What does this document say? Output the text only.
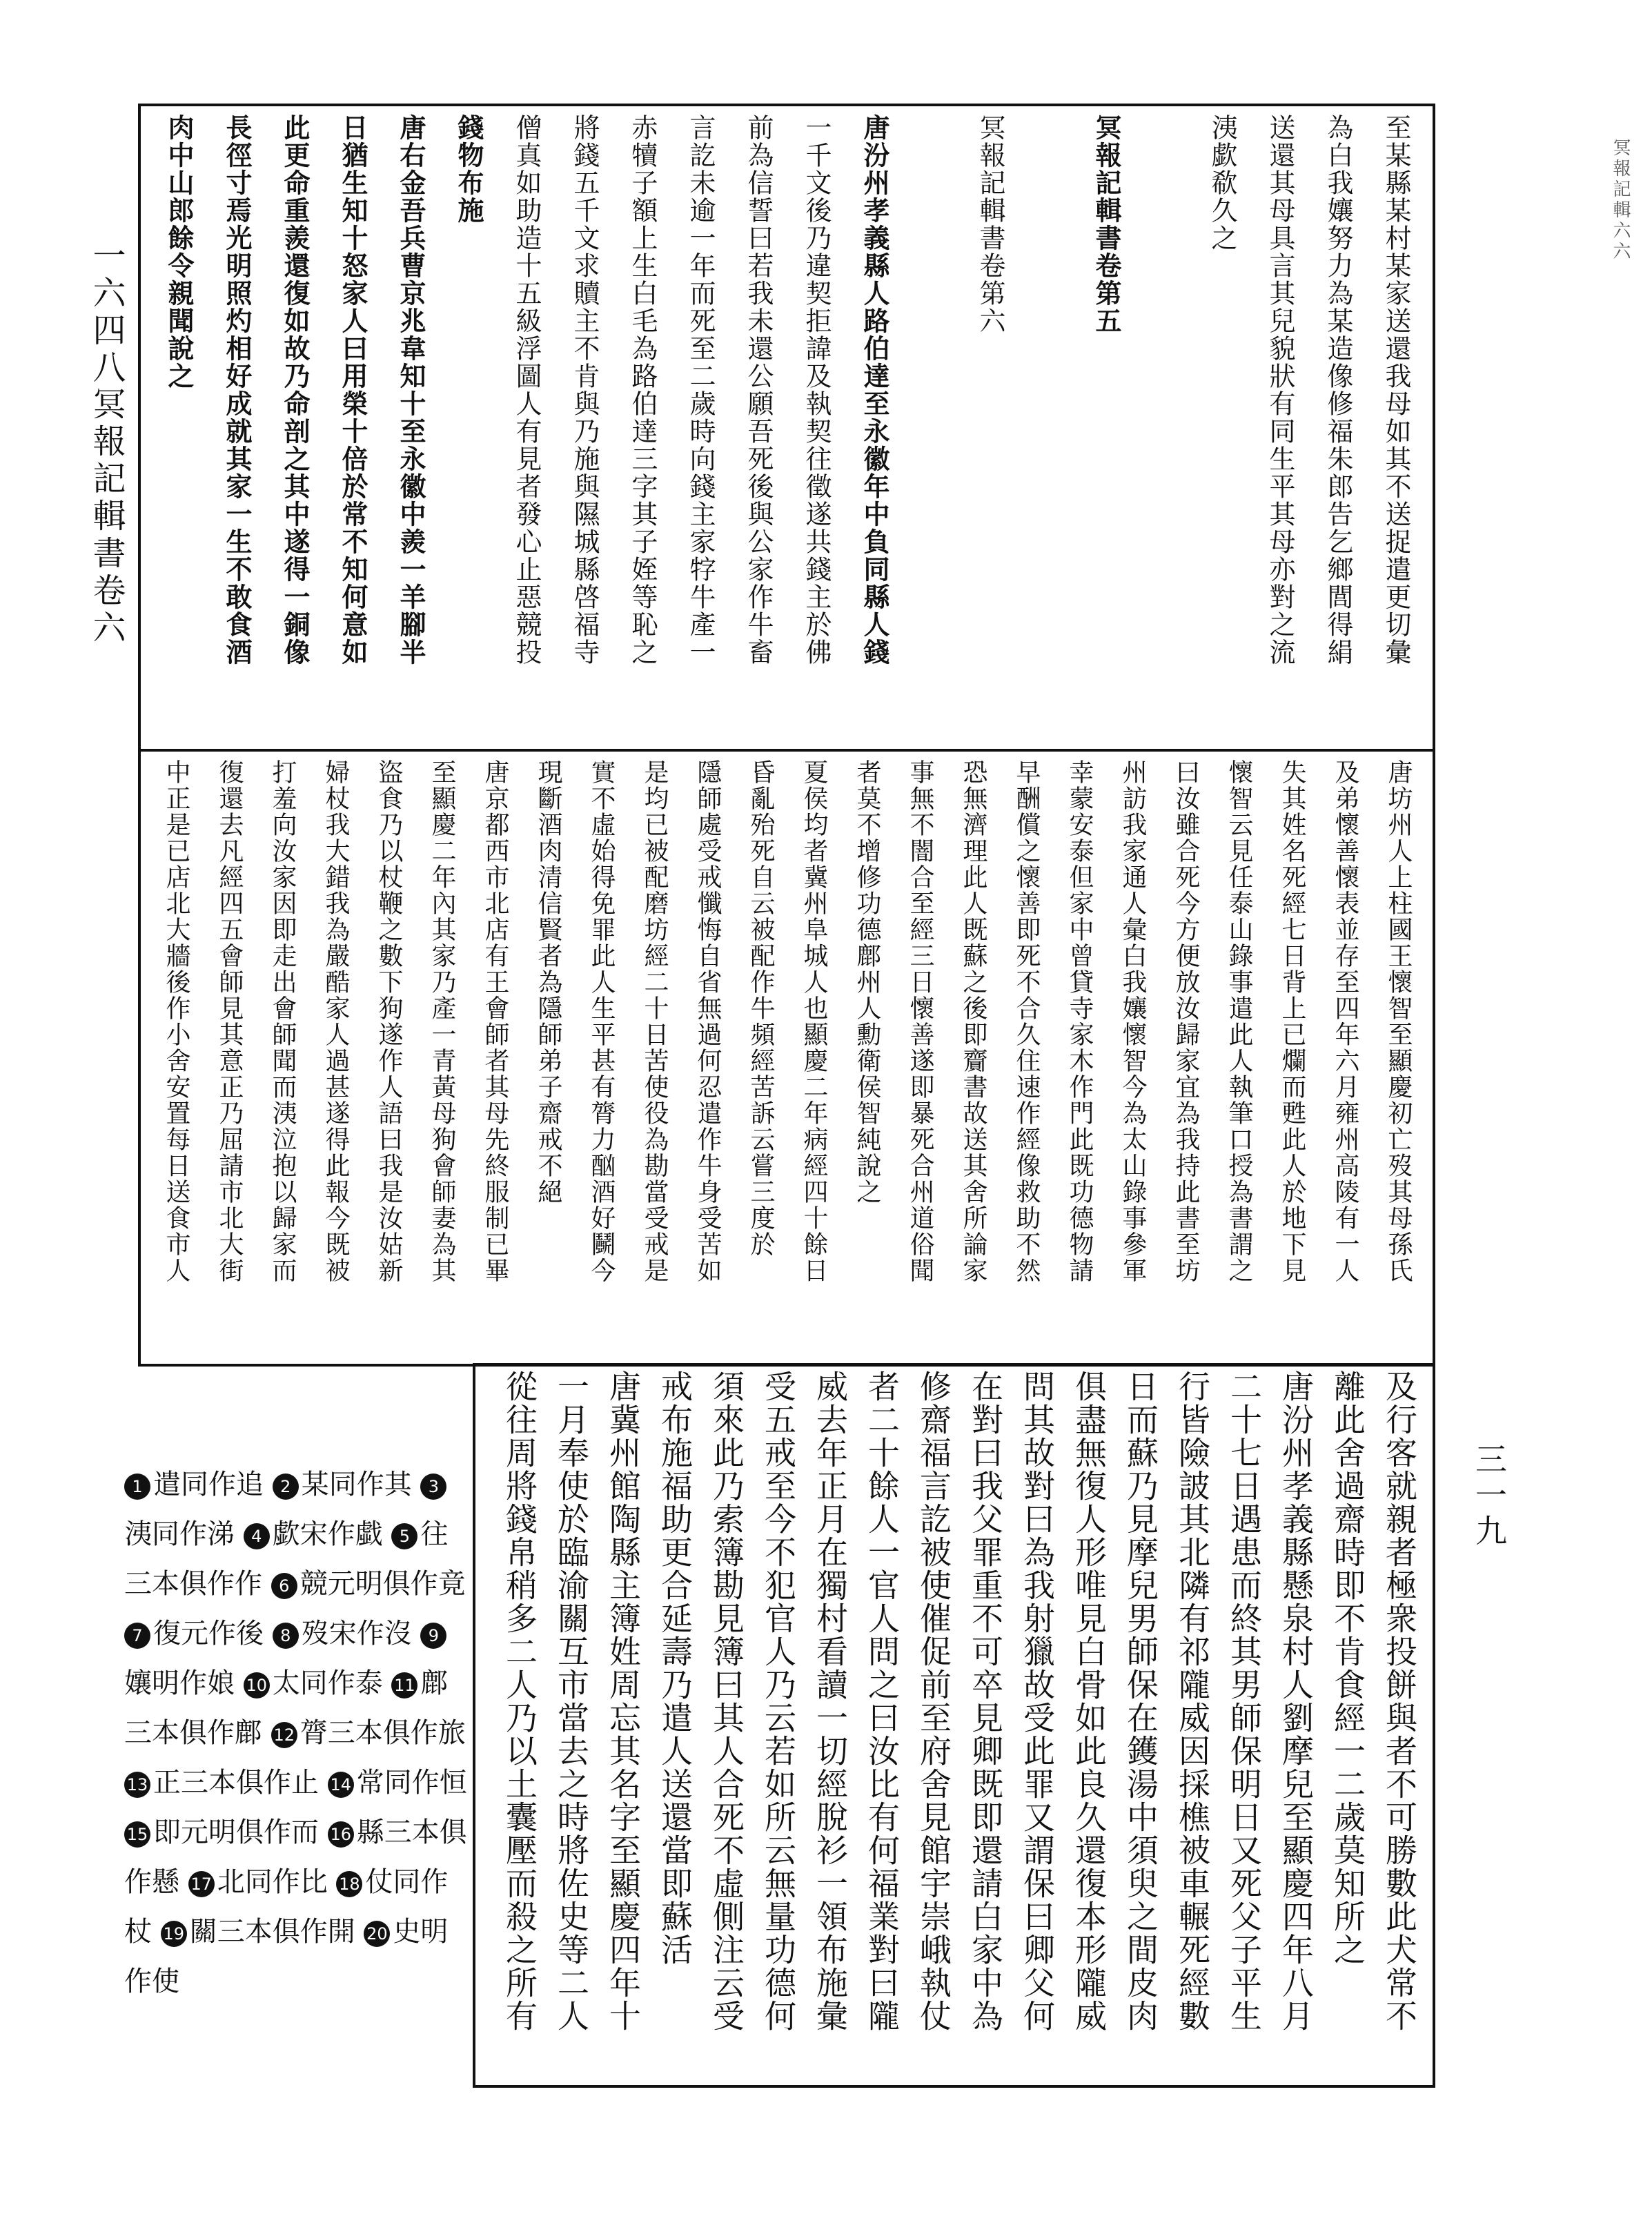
一六四八
冥報記輯書卷六
三一九
冥報記輯六六
至某縣某村某家送還我母如其不送捉遣更切彙
為白我孃努力為某造像修福朱郎告乞鄉閭得絹
送還其母具言其兒貌狀有同生平其母亦對之流
洟歔欷久之
冥報記輯書卷第五
冥報記輯書卷第六
唐汾州孝義縣人路伯達至永徽年中負同縣人錢
一千文後乃違契拒諱及執契往徵遂共錢主於佛
前為信誓曰若我未還公願吾死後與公家作牛畜
言訖未逾一年而死至二歲時向錢主家牸牛產一
赤犢子額上生白毛為路伯達三字其子姪等恥之
將錢五千文求贖主不肯與乃施與隰城縣啓福寺
僧真如助造十五級浮圖人有見者發心止惡競投
錢物布施
唐右金吾兵曹京兆韋知十至永徽中羨一羊腳半
日猶生知十怒家人曰用榮十倍於常不知何意如
此更命重羨還復如故乃命剖之其中遂得一銅像
長徑寸焉光明照灼相好成就其家一生不敢食酒
肉中山郎餘令親聞說之
唐坊州人上柱國王懷智至顯慶初亡歿其母孫氏
及弟懷善懷表並存至四年六月雍州高陵有一人
失其姓名死經七日背上已爛而甦此人於地下見
懷智云見任泰山錄事遣此人執筆口授為書謂之
曰汝雖合死今方便放汝歸家宜為我持此書至坊
州訪我家通人彙白我孃懷智今為太山錄事參軍
幸蒙安泰但家中曾貸寺家木作門此既功德物請
早酬償之懷善即死不合久住速作經像救助不然
恐無濟理此人既蘇之後即齎書故送其舍所論家
事無不闇合至經三日懷善遂即暴死合州道俗聞
者莫不增修功德鄜州人勳衛侯智純說之
夏侯均者冀州阜城人也顯慶二年病經四十餘日
昏亂殆死自云被配作牛頻經苦訴云嘗三度於
隱師處受戒懺悔自省無過何忍遣作牛身受苦如
是均已被配磨坊經二十日苦使役為勘當受戒是
實不虛始得免罪此人生平甚有膂力酗酒好鬭今
現斷酒肉清信賢者為隱師弟子齋戒不絕
唐京都西市北店有王會師者其母先終服制已畢
至顯慶二年內其家乃產一青黃母狗會師妻為其
盜食乃以杖鞭之數下狗遂作人語曰我是汝姑新
婦杖我大錯我為嚴酷家人過甚遂得此報今既被
打羞向汝家因即走出會師聞而洟泣抱以歸家而
復還去凡經四五會師見其意正乃屈請市北大街
中正是已店北大牆後作小舍安置每日送食市人
及行客就親者極衆投餅與者不可勝數此犬常不
離此舍過齋時即不肯食經一二歲莫知所之
唐汾州孝義縣懸泉村人劉摩兒至顯慶四年八月
二十七日遇患而終其男師保明日又死父子平生
行皆險詖其北隣有祁隴威因採樵被車輾死經數
日而蘇乃見摩兒男師保在鑊湯中須臾之間皮肉
俱盡無復人形唯見白骨如此良久還復本形隴威
問其故對曰為我射獵故受此罪又謂保曰卿父何
在對曰我父罪重不可卒見卿既即還請白家中為
修齋福言訖被使催促前至府舍見館宇崇峨執仗
者二十餘人一官人問之曰汝比有何福業對曰隴
威去年正月在獨村看讀一切經脫衫一領布施彙
受五戒至今不犯官人乃云若如所云無量功德何
須來此乃索簿勘見簿曰其人合死不虛側注云受
戒布施福助更合延壽乃遣人送還當即蘇活
唐冀州館陶縣主簿姓周忘其名字至顯慶四年十
一月奉使於臨渝關互市當去之時將佐史等二人
從往周將錢帛稍多二人乃以土囊壓而殺之所有
1 遣同作追 2 某同作其 3洟同作涕 4 歔宋作戱 5 往三本俱作作 6 競元明俱作竟 7 復元作後 8 歿宋作沒 9孃明作娘 10 太同作泰 11 鄜三本俱作鄜 12 膂三本俱作旅 13 正三本俱作止 14 常同作恒 15 即元明俱作而 16 縣三本俱作懸 17 北同作比 18 仗同作杖 19 關三本俱作開 20 史明作使
